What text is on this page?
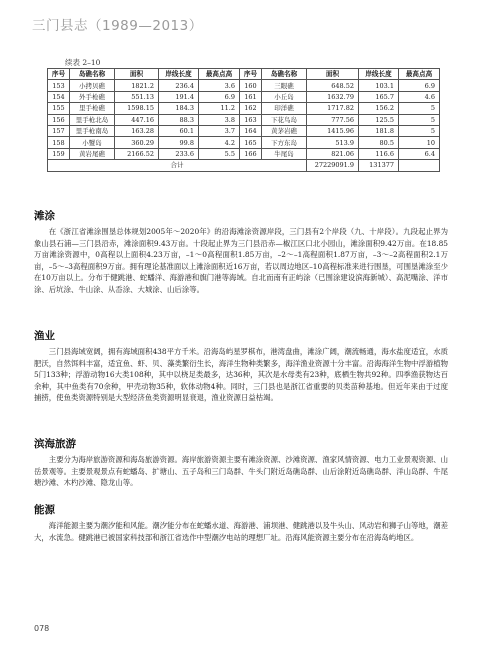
三门县志（1989—2013）
续表 2–10
序号	岛礁名称	面积	岸线长度	最高点高	序号	岛礁名称	面积	岸线长度	最高点高
153	小拷贝礁	1821.2	236.4	3.6	160	三眼礁	648.52	103.1	6.9
154	外手枪礁	551.13	191.4	6.9	161	小丘岛	1632.79	165.7	4.6
155	里手枪礁	1598.15	184.3	11.2	162	印洋礁	1717.82	156.2	5
156	里手枪北岛	447.16	88.3	3.8	163	下花鸟岛	777.56	125.5	5
157	里手枪南岛	163.28	60.1	3.7	164	黄茅岩礁	1415.96	181.8	5
158	小蟹岛	360.29	99.8	4.2	165	下方东岛	513.9	80.5	10
159	黄岩尾礁	2166.52	233.6	5.5	166	牛尾岛	821.06	116.6	6.4
合计							27229091.9	131377	
滩涂

在《浙江省滩涂围垦总体规划2005年～2020年》的沿海滩涂资源岸段，三门县有2个岸段（九、十岸段）。九段起止界为象山县石浦—三门县沿赤，滩涂面积9.43万亩。十段起止界为三门县沿赤—椒江区口北小园山，滩涂面积9.42万亩。在18.85万亩滩涂资源中，0高程以上面积4.23万亩，–1～0高程面积1.85万亩，–2～–1高程面积1.87万亩，–3～–2高程面积2.1万亩，–5～–3高程面积9万亩。拥有理论基准面以上滩涂面积近16万亩，若以周边地区–10高程标准来进行围垦，可围垦滩涂至少在10万亩以上。分布于健跳港、蛇蟠洋、海游港和旗门港等海域。自北而南有正屿涂（已围涂建设滨海新城）、高泥嘴涂、洋市涂、后坑涂、牛山涂、从岙涂、大城涂、山后涂等。

渔业

三门县海域宽阔，拥有海域面积438平方千米。沿海岛屿星罗棋布，港湾盘曲，滩涂广阔，潮流畅通，海水盐度适宜，水质肥沃，自然饵料丰富，适宜鱼、虾、贝、藻类繁衍生长，海洋生物种类繁多，海洋渔业资源十分丰富。沿海海洋生物中浮游植物5门133种；浮游动物16大类108种，其中以桡足类最多，达36种，其次是水母类有23种，底栖生物共92种。四季渔获物达百余种，其中鱼类有70余种，甲壳动物35种，软体动物4种。同时，三门县也是浙江省重要的贝类苗种基地。但近年来由于过度捕捞，使鱼类资源特别是大型经济鱼类资源明显衰退，渔业资源日益枯竭。

滨海旅游

主要分为海岸旅游资源和海岛旅游资源。海岸旅游资源主要有滩涂资源、沙滩资源、渔家风情资源、电力工业景观资源、山岳景观等。主要景观景点有蛇蟠岛、扩塘山、五子岛和三门岛群、牛头门附近岛礁岛群、山后涂附近岛礁岛群、洋山岛群、牛尾塘沙滩、木杓沙滩、隐龙山等。

能源

海洋能源主要为潮汐能和风能。潮汐能分布在蛇蟠水道、海游港、浦坝港、健跳港以及牛头山、风动岩和狮子山等地，潮差大，水流急。健跳港已被国家科技部和浙江省选作中型潮汐电站的理想厂址。沿海风能资源主要分布在沿海岛屿地区。

078
